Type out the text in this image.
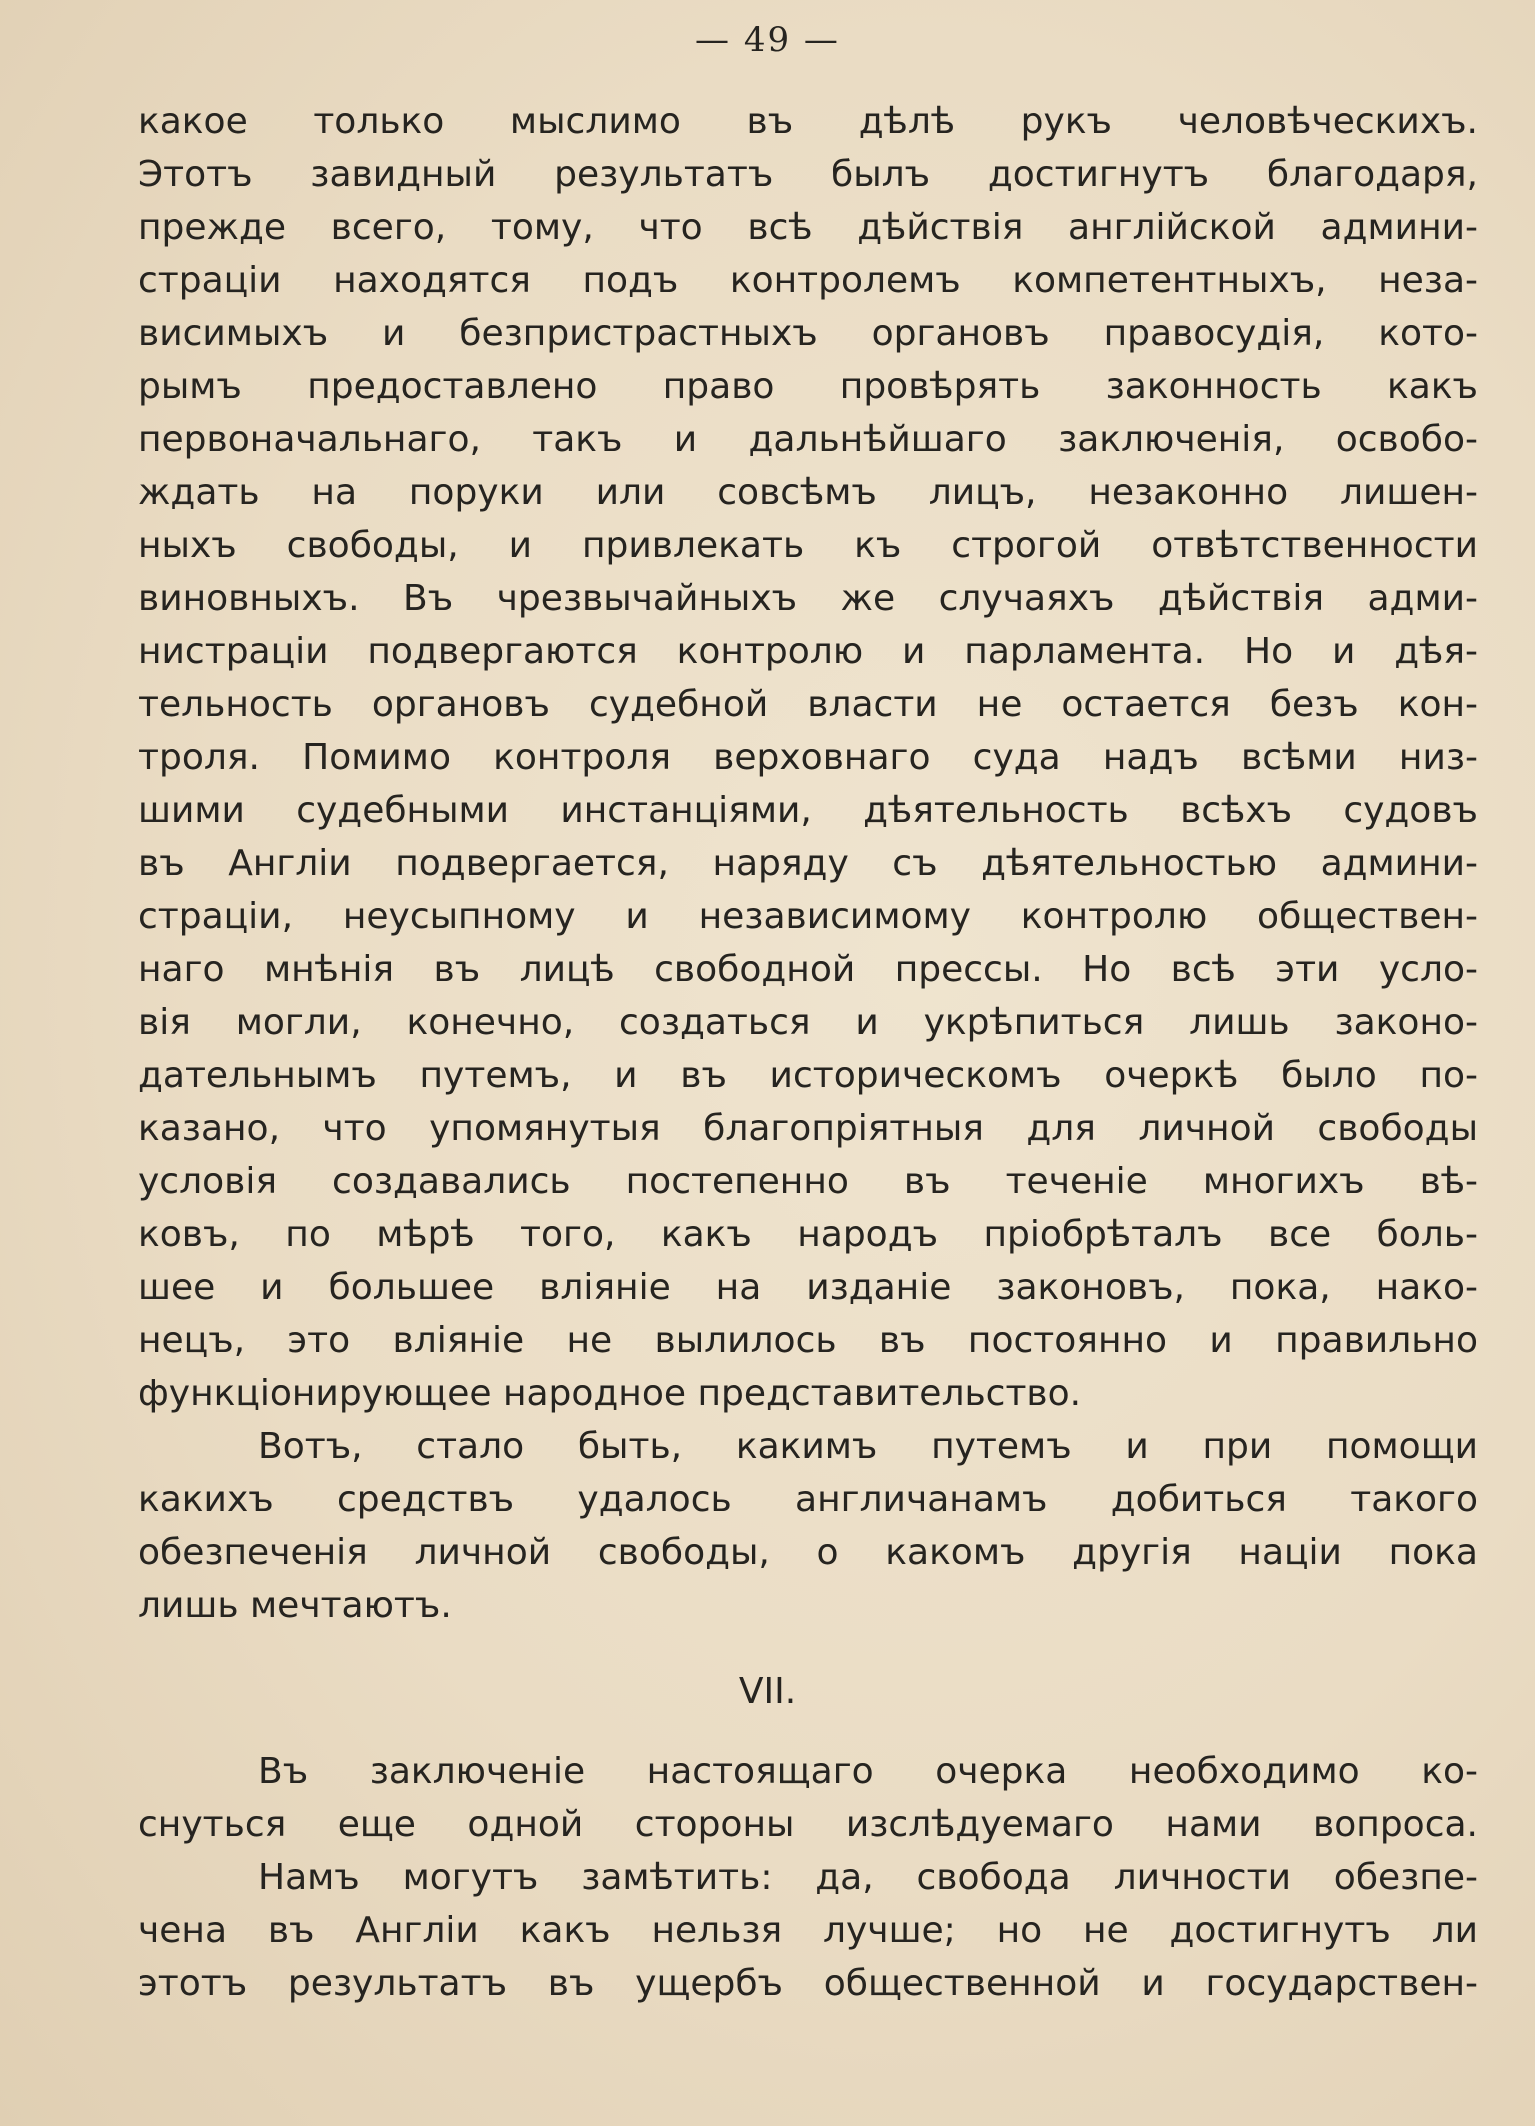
— 49 —
какое только мыслимо въ дѣлѣ рукъ человѣческихъ.
Этотъ завидный результатъ былъ достигнутъ благодаря,
прежде всего, тому, что всѣ дѣйствія англійской админи-
страціи находятся подъ контролемъ компетентныхъ, неза-
висимыхъ и безпристрастныхъ органовъ правосудія, кото-
рымъ предоставлено право провѣрять законность какъ
первоначальнаго, такъ и дальнѣйшаго заключенія, освобо-
ждать на поруки или совсѣмъ лицъ, незаконно лишен-
ныхъ свободы, и привлекать къ строгой отвѣтственности
виновныхъ. Въ чрезвычайныхъ же случаяхъ дѣйствія адми-
нистраціи подвергаются контролю и парламента. Но и дѣя-
тельность органовъ судебной власти не остается безъ кон-
троля. Помимо контроля верховнаго суда надъ всѣми низ-
шими судебными инстанціями, дѣятельность всѣхъ судовъ
въ Англіи подвергается, наряду съ дѣятельностью админи-
страціи, неусыпному и независимому контролю обществен-
наго мнѣнія въ лицѣ свободной прессы. Но всѣ эти усло-
вія могли, конечно, создаться и укрѣпиться лишь законо-
дательнымъ путемъ, и въ историческомъ очеркѣ было по-
казано, что упомянутыя благопріятныя для личной свободы
условія создавались постепенно въ теченіе многихъ вѣ-
ковъ, по мѣрѣ того, какъ народъ пріобрѣталъ все боль-
шее и большее вліяніе на изданіе законовъ, пока, нако-
нецъ, это вліяніе не вылилось въ постоянно и правильно
функціонирующее народное представительство.
Вотъ, стало быть, какимъ путемъ и при помощи
какихъ средствъ удалось англичанамъ добиться такого
обезпеченія личной свободы, о какомъ другія націи пока
лишь мечтаютъ.
VII.
Въ заключеніе настоящаго очерка необходимо ко-
снуться еще одной стороны изслѣдуемаго нами вопроса.
Намъ могутъ замѣтить: да, свобода личности обезпе-
чена въ Англіи какъ нельзя лучше; но не достигнутъ ли
этотъ результатъ въ ущербъ общественной и государствен-
